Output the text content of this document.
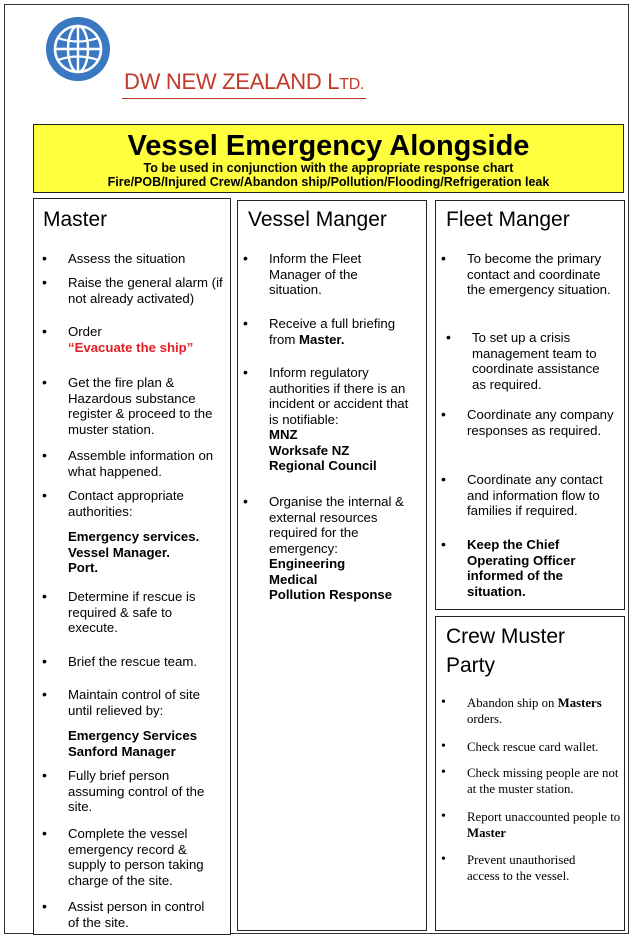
DW NEW ZEALAND LTD.
Vessel Emergency Alongside
To be used in conjunction with the appropriate response chart
Fire/POB/Injured Crew/Abandon ship/Pollution/Flooding/Refrigeration leak
Master
• Assess the situation
• Raise the general alarm (if not already activated)
• Order
“Evacuate the ship”
• Get the fire plan & Hazardous substance register & proceed to the muster station.
• Assemble information on what happened.
• Contact appropriate authorities:
Emergency services.
Vessel Manager.
Port.
• Determine if rescue is required & safe to execute.
• Brief the rescue team.
• Maintain control of site until relieved by:
Emergency Services
Sanford Manager
• Fully brief person assuming control of the site.
• Complete the vessel emergency record & supply to person taking charge of the site.
• Assist person in control of the site.
Vessel Manger
• Inform the Fleet Manager of the situation.
• Receive a full briefing from Master.
• Inform regulatory authorities if there is an incident or accident that is notifiable:
MNZ
Worksafe NZ
Regional Council
• Organise the internal & external resources required for the emergency:
Engineering
Medical
Pollution Response
Fleet Manger
• To become the primary contact and coordinate the emergency situation.
• To set up a crisis management team to coordinate assistance as required.
• Coordinate any company responses as required.
• Coordinate any contact and information flow to families if required.
• Keep the Chief Operating Officer informed of the situation.
Crew Muster Party
• Abandon ship on Masters orders.
• Check rescue card wallet.
• Check missing people are not at the muster station.
• Report unaccounted people to Master
• Prevent unauthorised access to the vessel.
